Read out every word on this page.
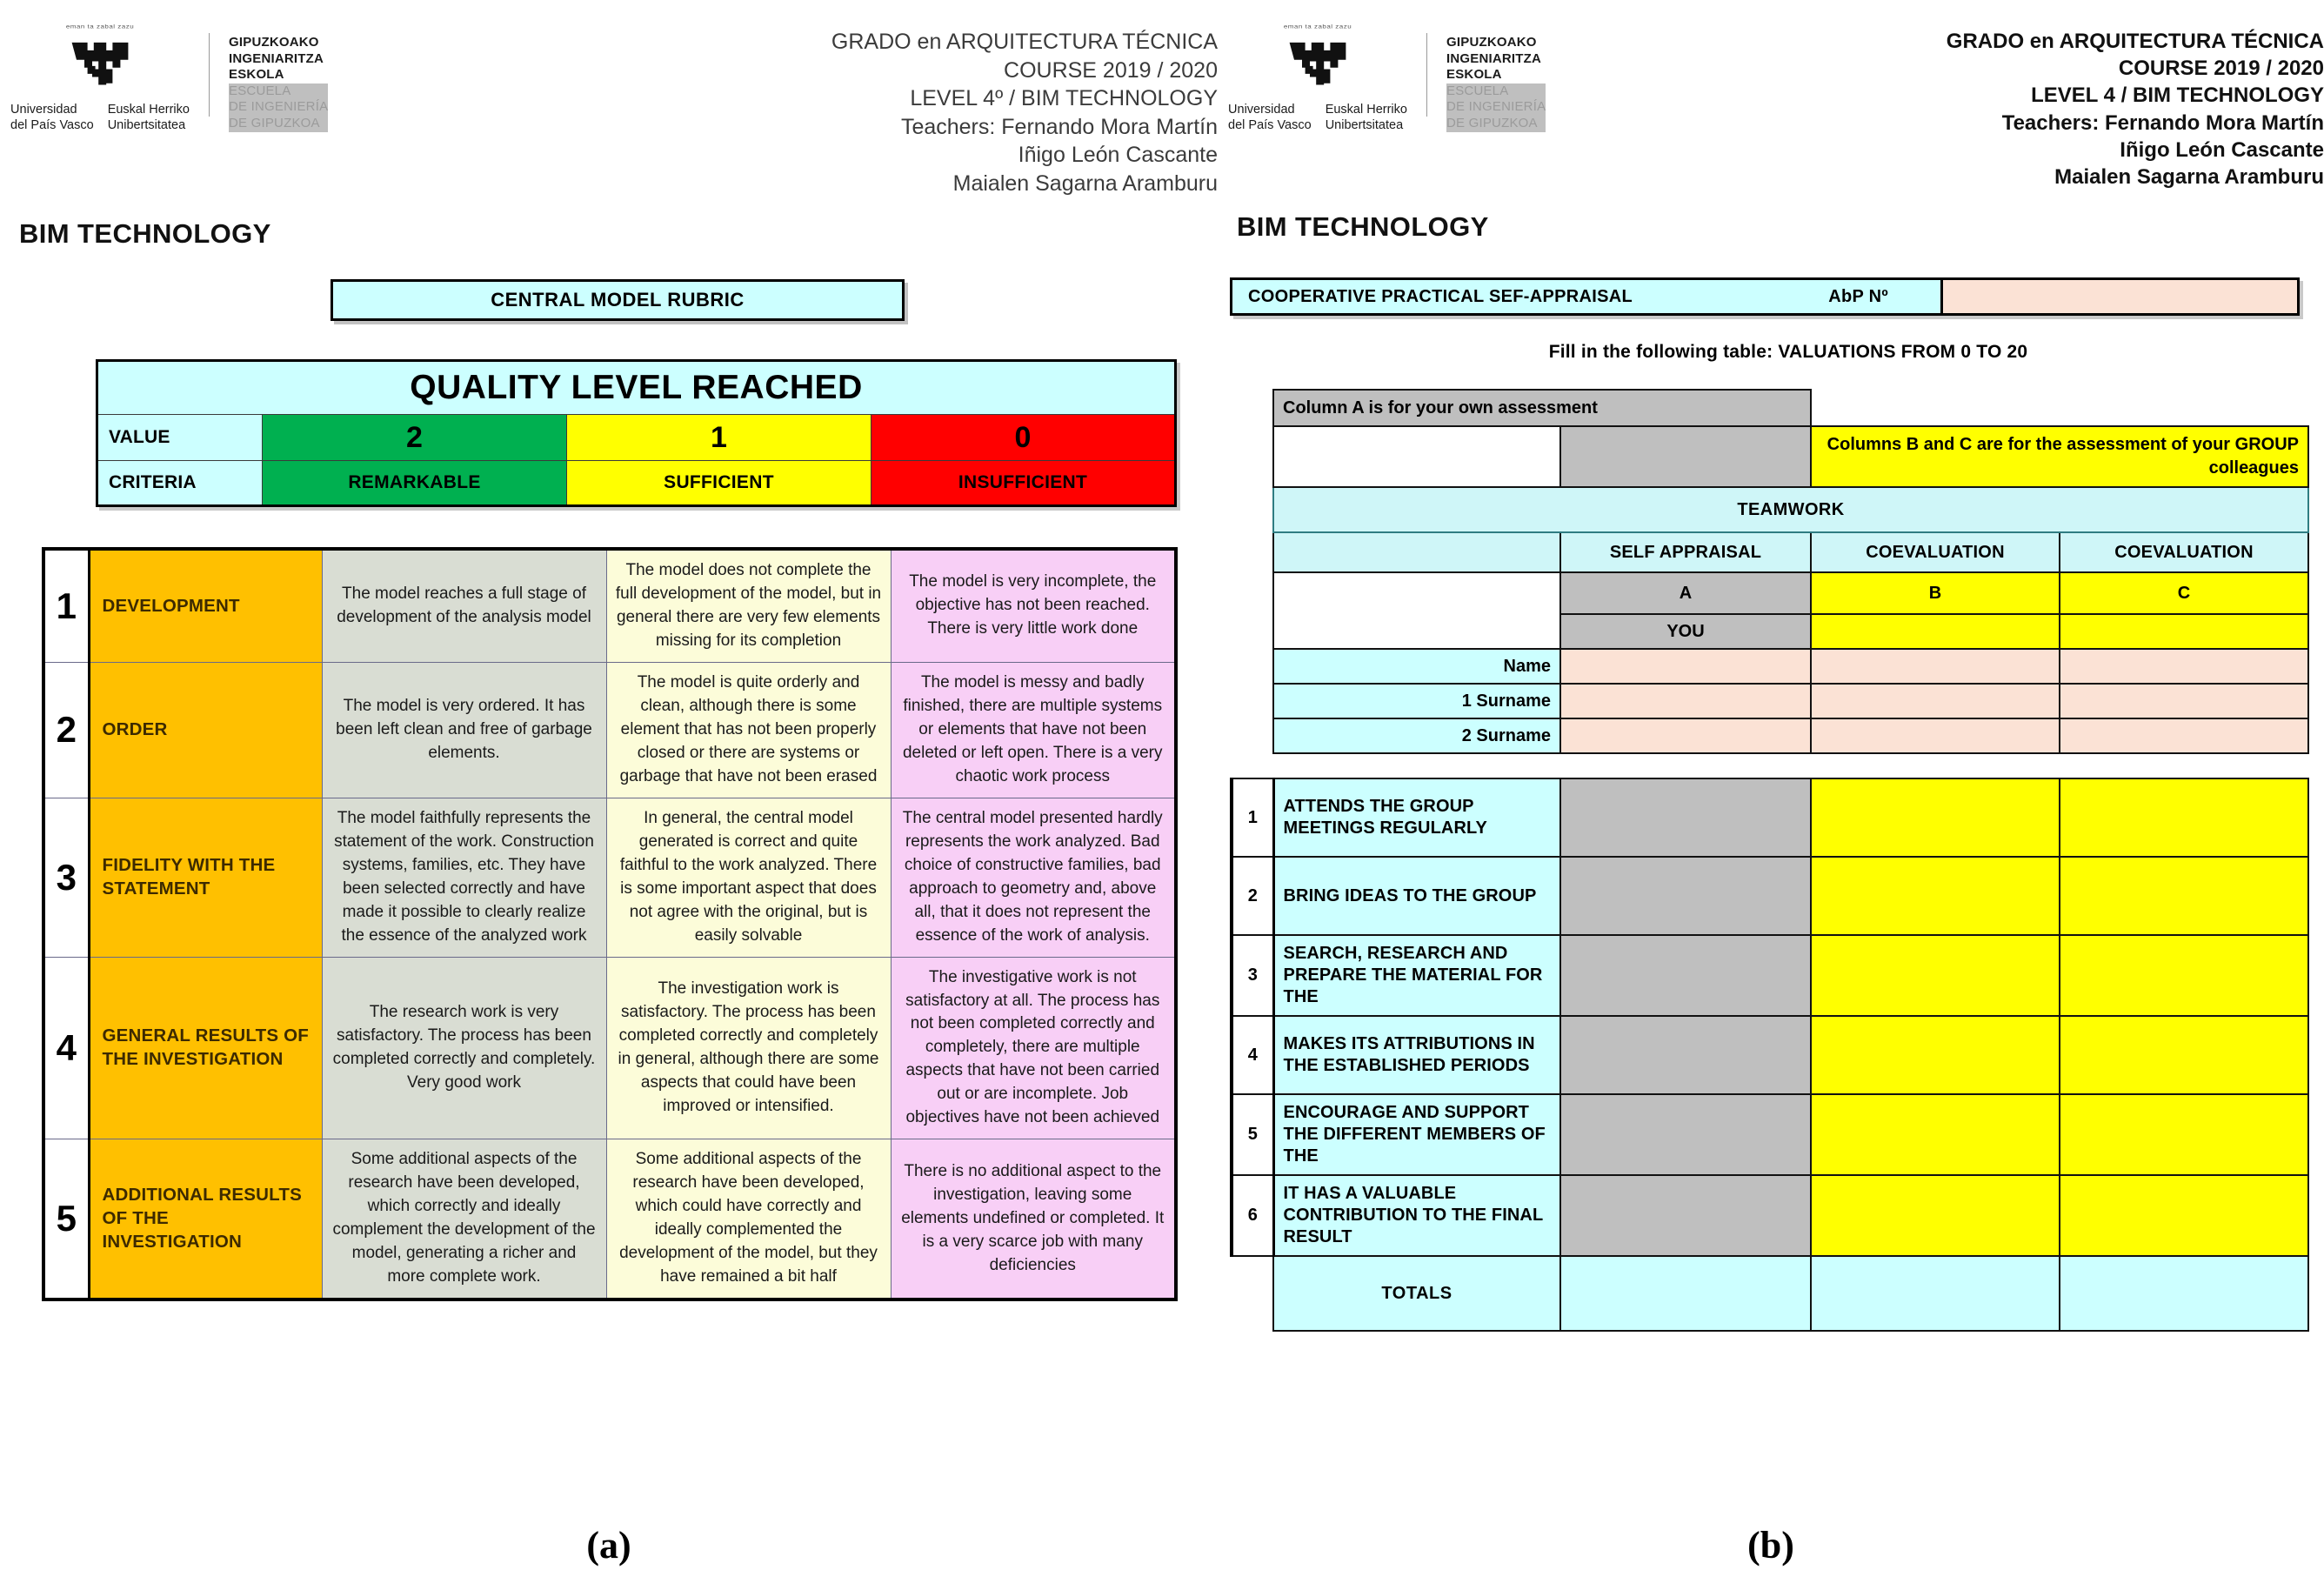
eman ta zabal zazu
Universidad
del País Vasco
Euskal Herriko
Unibertsitatea
GIPUZKOAKO
INGENIARITZA
ESKOLA
ESCUELA
DE INGENIERÍA
DE GIPUZKOA
GRADO en ARQUITECTURA TÉCNICA
COURSE 2019 / 2020
LEVEL 4º / BIM TECHNOLOGY
Teachers: Fernando Mora Martín
Iñigo León Cascante
Maialen Sagarna Aramburu
BIM TECHNOLOGY
CENTRAL MODEL RUBRIC
QUALITY LEVEL REACHED			
VALUE	2	1	0
CRITERIA	REMARKABLE	SUFFICIENT	INSUFFICIENT
1	DEVELOPMENT	The model reaches a full stage of development of the analysis model	The model does not complete the full development of the model, but in general there are very few elements missing for its completion	The model is very incomplete, the objective has not been reached. There is very little work done
2	ORDER	The model is very ordered. It has been left clean and free of garbage elements.	The model is quite orderly and clean, although there is some element that has not been properly closed or there are systems or garbage that have not been erased	The model is messy and badly finished, there are multiple systems or elements that have not been deleted or left open. There is a very chaotic work process
3	FIDELITY WITH THE STATEMENT	The model faithfully represents the statement of the work. Construction systems, families, etc. They have been selected correctly and have made it possible to clearly realize the essence of the analyzed work	In general, the central model generated is correct and quite faithful to the work analyzed. There is some important aspect that does not agree with the original, but is easily solvable	The central model presented hardly represents the work analyzed. Bad choice of constructive families, bad approach to geometry and, above all, that it does not represent the essence of the work of analysis.
4	GENERAL RESULTS OF THE INVESTIGATION	The research work is very satisfactory. The process has been completed correctly and completely. Very good work	The investigation work is satisfactory. The process has been completed correctly and completely in general, although there are some aspects that could have been improved or intensified.	The investigative work is not satisfactory at all. The process has not been completed correctly and completely, there are multiple aspects that have not been carried out or are incomplete. Job objectives have not been achieved
5	ADDITIONAL RESULTS OF THE INVESTIGATION	Some additional aspects of the research have been developed, which correctly and ideally complement the development of the model, generating a richer and more complete work.	Some additional aspects of the research have been developed, which could have correctly and ideally complemented the development of the model, but they have remained a bit half	There is no additional aspect to the investigation, leaving some elements undefined or completed. It is a very scarce job with many deficiencies
eman ta zabal zazu
Universidad
del País Vasco
Euskal Herriko
Unibertsitatea
GIPUZKOAKO
INGENIARITZA
ESKOLA
ESCUELA
DE INGENIERÍA
DE GIPUZKOA
GRADO en ARQUITECTURA TÉCNICA
COURSE 2019 / 2020
LEVEL 4 / BIM TECHNOLOGY
Teachers: Fernando Mora Martín
Iñigo León Cascante
Maialen Sagarna Aramburu
BIM TECHNOLOGY
COOPERATIVE PRACTICAL SEF-APPRAISAL	AbP Nº
Fill in the following table: VALUATIONS FROM 0 TO 20
	Column A is for your own assessment			
			Columns B and C are for the assessment of your GROUP colleagues	
	TEAMWORK			
		SELF APPRAISAL	COEVALUATION	COEVALUATION
		A	B	C
		YOU		
	Name			
	1 Surname			
	2 Surname			

1	ATTENDS THE GROUP MEETINGS REGULARLY			
2	BRING IDEAS TO THE GROUP			
3	SEARCH, RESEARCH AND PREPARE THE MATERIAL FOR THE			
4	MAKES ITS ATTRIBUTIONS IN THE ESTABLISHED PERIODS			
5	ENCOURAGE AND SUPPORT THE DIFFERENT MEMBERS OF THE			
6	IT HAS A VALUABLE CONTRIBUTION TO THE FINAL RESULT			
	TOTALS			
(a)	(b)
